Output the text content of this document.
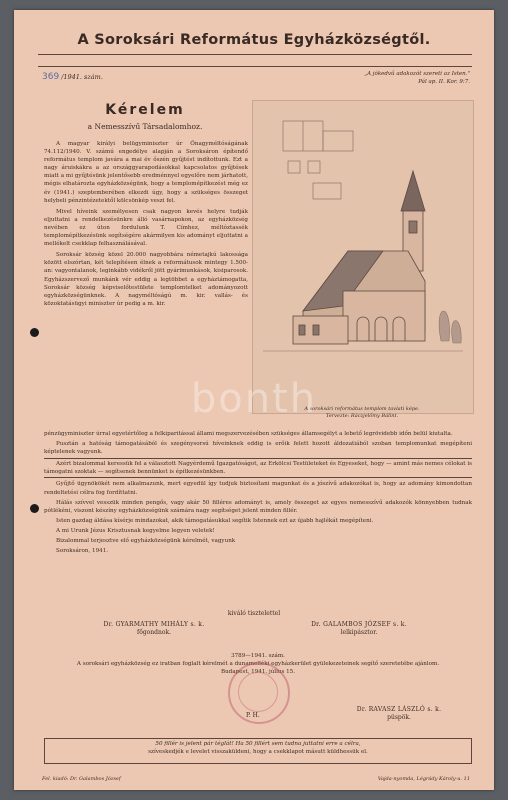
A Soroksári Református Egyházközségtől.
369 /1941. szám.	„A jókedvű adakozót szereti az Isten."
Pál ap. II. Kor. 9:7.
Kérelem
a Nemesszívű Társadalomhoz.

A magyar királyi belügyminiszter úr Őnagyméltóságának 74.112/1940. V. számú engedélye alapján a Soroksáron építendő református templom javára a mai év őszén gyűjtést indítottunk. Ezt a nagy áruiskákra a az országgyarapodásokkal kapcsolatos gyűjtések miatt a mi gyűjtésünk jelentősebb eredménnyel egyelőre nem járhatott, mégis elhatározta egyházközségünk, hogy a templomépítkezést még ez év (1941.) szeptemberében elkezdi úgy, hogy a szükséges összeget helybeli pénzintézetektől kölcsönkép veszi fel.

Mivel híveink személyesen csak nagyon kevés helyre tudják eljuttatni a rendelkezésünkre álló vasárnapokon, az egyházközség nevében ez úton fordulunk T. Címhez, méltóztassék templomépítkezésünk segítségére akármilyen kis adományt eljuttatni a mellékelt csekklap felhasználásával.

Soroksár község közel 20.000 nagyobbára németajkú lakossága között elszórtan, két telepítésen élnek a reformátusok mintegy 1.500-an: vagyontalanok, leginkább vidékről jött gyárimunkások, kisiparosok. Egyházszervező munkánk vér eddig a legtöbbet a egyháztámogatta, Soroksár község képviselőtestülete templomtelket adományozott egyházközségünknek. A nagyméltóságú m. kir. vallás- és közoktatásügyi miniszter úr pedig a m. kir.

A soroksári református templom tavlati képe.
Tervezte: Ráczjelőmy Bálint.

pénzügyminiszter úrral egyetértőleg a felkiparitással állami megszervezésében szükséges államsegélyt a lebető legrövidebb időn belül kiutalta.

Pusztán a hatóság támogatásából és szegénysorsú híveinknek eddig is erőik felett hozott áldozatiából szoban templomunkat megépíteni képtelenek vagyunk.

Azért bizalommal keressük fel a választott Nagyérdemű Igazgatóságot, az Erkölcsi Testületeket és Egyeseket, hogy — amint más nemes célokat is támogatni szoktak — segítsenek bennünket is építkezésünkben.

Gyűjtő ügynökökét nem alkalmazunk, mert egyedül így tudjuk biztosítani magunkat és a jószívű adakozókat is, hogy az adomány kimondottan rendeltetési célra fog fordíttatni.

Hálás szívvel vesszük minden pengős, vagy akár 50 filléres adományt is, amely összeget az egyes nemesszívű adakozók könnyebben tudnak pótlékéni, viszont készíny egyházközségünk számára nagy segítséget jelent minden fillér.

Isten gazdag áldása kísérje mindazokat, akik támogatásukkal segítik Istennek ezt az újabb hajlékát megépíteni.

A mi Urunk Jézus Krisztusnak kegyelme legyen veletek!

Bizalommal terjesztve elő egyházközségünk kérelmét, vagyunk

Soroksáron, 1941.

kiváló tisztelettel
Dr. GYARMATHY MIHÁLY s. k.
főgondnok.
Dr. GALAMBOS JÓZSEF s. k.
lelkipásztor.
3789—1941. szám.
A soroksári egyházközség ez iratban foglalt kérelmét a dunamelléki egyházkerület gyülekezeteinek segítő szeretetébe ajánlom.
Budapest, 1941. július 15.
P. H.
Dr. RAVASZ LÁSZLÓ s. k.
püspök.
50 fillér is jelent pár téglát! Ha 50 fillért sem tudna juttatni erre a célra,
szíveskedjék e levelet visszaküldeni, hogy a csekklapot másutt küldhessük el.
Fel. kiadó: Dr. Galambos József	Vajda-nyomda, Légrády Károly-u. 11
bonth
